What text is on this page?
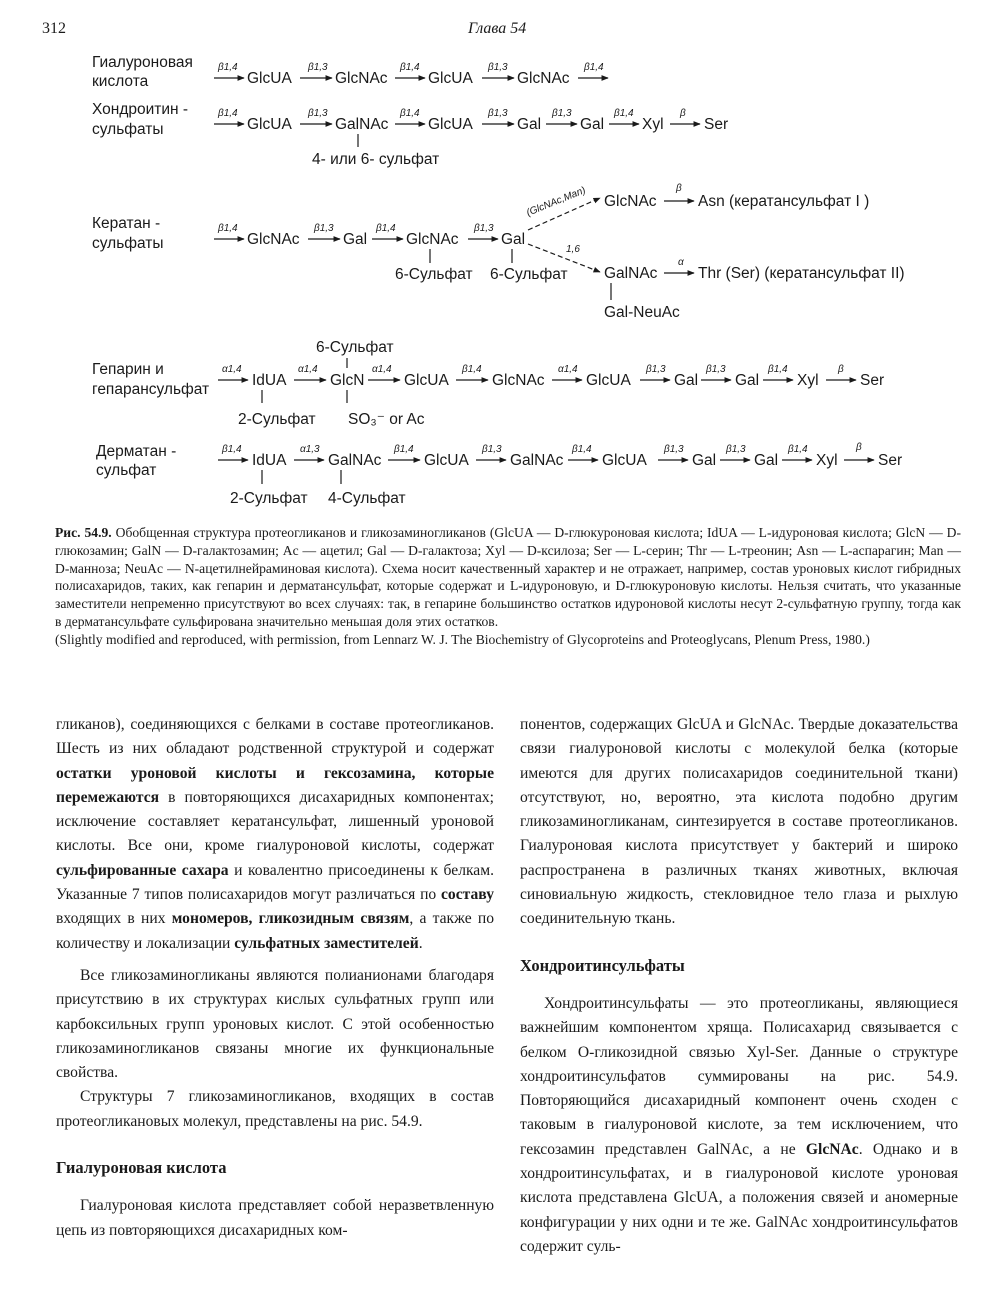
312	Глава 54
Гиалуроновая
кислота
β1,4
GlcUA
β1,3
GlcNAc
β1,4
GlcUA
β1,3
GlcNAc
β1,4
Хондроитин -
сульфаты
β1,4
GlcUA
β1,3
GalNAc
β1,4
GlcUA
β1,3
Gal
β1,3
Gal
β1,4
Xyl
β
Ser
4- или 6- сульфат
Кератан -
сульфаты
β1,4
GlcNAc
β1,3
Gal
β1,4
GlcNAc
β1,3
Gal
6-Сульфат 6-Сульфат
(GlcNAc,Man) GlcNAc
β
Asn (кератансульфат I )
1,6
GalNAc
α
Thr (Ser) (кератансульфат II)
Gal-NeuAc
6-Сульфат
Гепарин и
гепарансульфат
α1,4
IdUA
α1,4
GlcN
α1,4
GlcUA
β1,4
GlcNAc
α1,4
GlcUA
β1,3
Gal
β1,3
Gal
β1,4
Xyl
β
Ser
2-Сульфат SO₃⁻ or Ac
Дерматан -
сульфат
β1,4
IdUA
α1,3
GalNAc
β1,4
GlcUA
β1,3
GalNAc
β1,4
GlcUA
β1,3
Gal
β1,3
Gal
β1,4
Xyl
β
Ser
2-Сульфат 4-Сульфат
Рис. 54.9. Обобщенная структура протеогликанов и гликозаминогликанов (GlcUA — D-глюкуроновая кислота; IdUA — L-идуроновая кислота; GlcN — D-глюкозамин; GalN — D-галактозамин; Ac — ацетил; Gal — D-галактоза; Xyl — D-ксилоза; Ser — L-серин; Thr — L-треонин; Asn — L-аспарагин; Man — D-манноза; NeuAc — N-ацетилнейраминовая кислота). Схема носит качественный характер и не отражает, например, состав уроновых кислот гибридных полисахаридов, таких, как гепарин и дерматансульфат, которые содержат и L-идуроновую, и D-глюкуроновую кислоты. Нельзя считать, что указанные заместители непременно присутствуют во всех случаях: так, в гепарине большинство остатков идуроновой кислоты несут 2-сульфатную группу, тогда как в дерматансульфате сульфирована значительно меньшая доля этих остатков.
(Slightly modified and reproduced, with permission, from Lennarz W. J. The Biochemistry of Glycoproteins and Proteoglycans, Plenum Press, 1980.)

гликанов), соединяющихся с белками в составе протеогликанов. Шесть из них обладают родственной структурой и содержат остатки уроновой кислоты и гексозамина, которые перемежаются в повторяющихся дисахаридных компонентах; исключение составляет кератансульфат, лишенный уроновой кислоты. Все они, кроме гиалуроновой кислоты, содержат сульфированные сахара и ковалентно присоединены к белкам. Указанные 7 типов полисахаридов могут различаться по составу входящих в них мономеров, гликозидным связям, а также по количеству и локализации сульфатных заместителей.

Все гликозаминогликаны являются полианионами благодаря присутствию в их структурах кислых сульфатных групп или карбоксильных групп уроновых кислот. С этой особенностью гликозаминогликанов связаны многие их функциональные свойства.

Структуры 7 гликозаминогликанов, входящих в состав протеогликановых молекул, представлены на рис. 54.9.

Гиалуроновая кислота

Гиалуроновая кислота представляет собой неразветвленную цепь из повторяющихся дисахаридных ком-

понентов, содержащих GlcUA и GlcNAc. Твердые доказательства связи гиалуроновой кислоты с молекулой белка (которые имеются для других полисахаридов соединительной ткани) отсутствуют, но, вероятно, эта кислота подобно другим гликозаминогликанам, синтезируется в составе протеогликанов. Гиалуроновая кислота присутствует у бактерий и широко распространена в различных тканях животных, включая синовиальную жидкость, стекловидное тело глаза и рыхлую соединительную ткань.

Хондроитинсульфаты

Хондроитинсульфаты — это протеогликаны, являющиеся важнейшим компонентом хряща. Полисахарид связывается с белком О-гликозидной связью Xyl-Ser. Данные о структуре хондроитинсульфатов суммированы на рис. 54.9. Повторяющийся дисахаридный компонент очень сходен с таковым в гиалуроновой кислоте, за тем исключением, что гексозамин представлен GalNAc, а не GlcNAc. Однако и в хондроитинсульфатах, и в гиалуроновой кислоте уроновая кислота представлена GlcUA, а положения связей и аномерные конфигурации у них одни и те же. GalNAc хондроитинсульфатов содержит суль-
